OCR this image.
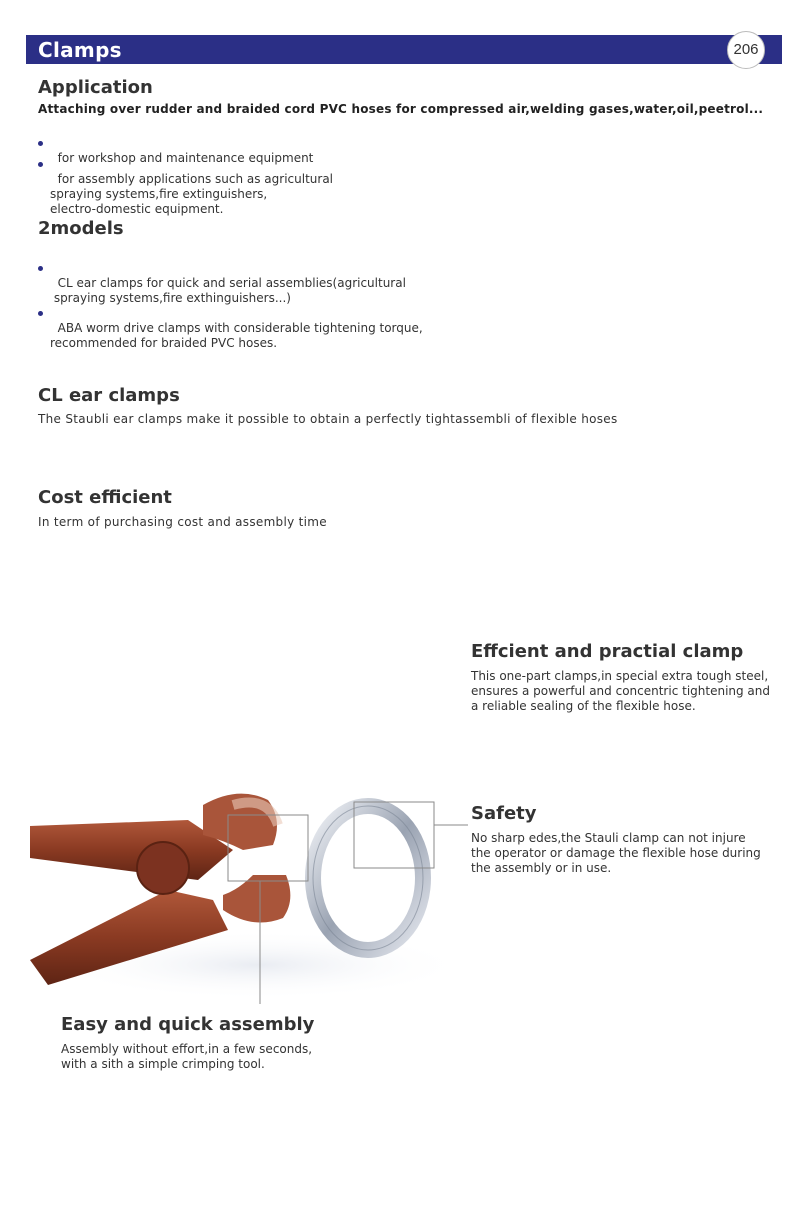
Clamps	206
Application
Attaching over rudder and braided cord PVC hoses for compressed air,welding gases,water,oil,peetrol...

for workshop and maintenance equipment

for assembly applications such as agricultural
spraying systems,fire extinguishers,
electro-domestic equipment.

2models

CL ear clamps for quick and serial assemblies(agricultural
spraying systems,fire exthinguishers...)

ABA worm drive clamps with considerable tightening torque,
recommended for braided PVC hoses.

CL ear clamps
The Staubli ear clamps make it possible to obtain a perfectly tightassembli of flexible hoses
Cost efficient
In term of purchasing cost and assembly time
Effcient and practial clamp
This one-part clamps,in special extra tough steel,
ensures a powerful and concentric tightening and
a reliable sealing of the flexible hose.
Safety
No sharp edes,the Stauli clamp can not injure
the operator or damage the flexible hose during
the assembly or in use.
Easy and quick assembly
Assembly without effort,in a few seconds,
with a sith a simple crimping tool.
